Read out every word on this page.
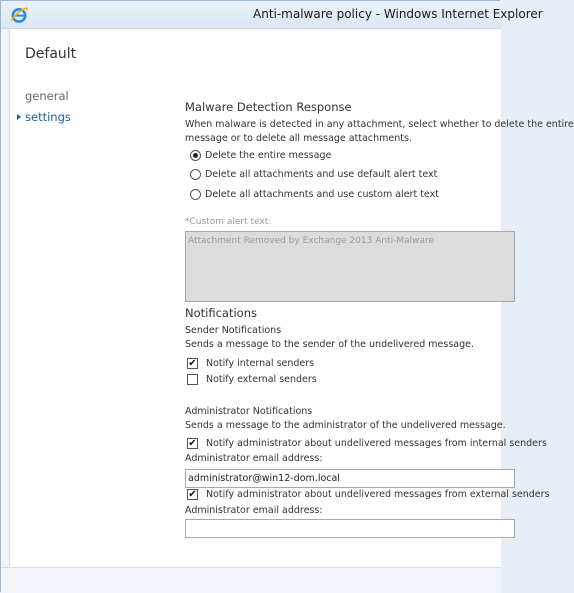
Anti-malware policy - Windows Internet Explorer
Default
general
settings
Malware Detection Response
When malware is detected in any attachment, select whether to delete the entire
message or to delete all message attachments.
Delete the entire message
Delete all attachments and use default alert text
Delete all attachments and use custom alert text
*Custom alert text:
Attachment Removed by Exchange 2013 Anti-Malware
Notifications
Sender Notifications
Sends a message to the sender of the undelivered message.
✔ Notify internal senders
Notify external senders
Administrator Notifications
Sends a message to the administrator of the undelivered message.
✔ Notify administrator about undelivered messages from internal senders
Administrator email address:
administrator@win12-dom.local
✔ Notify administrator about undelivered messages from external senders
Administrator email address:
